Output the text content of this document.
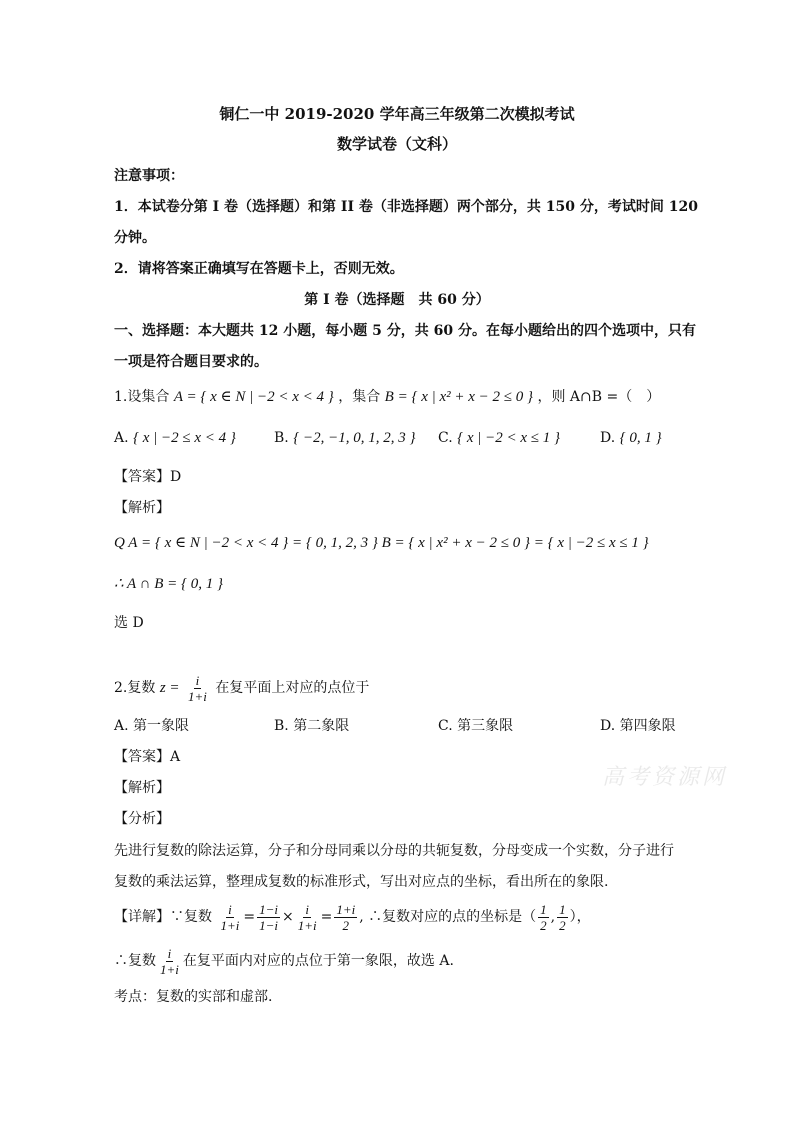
铜仁一中 2019-2020 学年高三年级第二次模拟考试
数学试卷（文科）
注意事项：
1．本试卷分第 I 卷（选择题）和第 II 卷（非选择题）两个部分，共 150 分，考试时间 120
分钟。
2．请将答案正确填写在答题卡上，否则无效。
第 I 卷（选择题　共 60 分）
一、选择题：本大题共 12 小题，每小题 5 分，共 60 分。在每小题给出的四个选项中，只有
一项是符合题目要求的。
1.设集合 A = { x ∈ N | −2 < x < 4 } ，集合 B = { x | x² + x − 2 ≤ 0 } ，则 A∩B =（　）
A. { x | −2 ≤ x < 4 }	B. { −2, −1, 0, 1, 2, 3 } C. { x | −2 < x ≤ 1 }	D. { 0, 1 }
【答案】D
【解析】
Q A = { x ∈ N | −2 < x < 4 } = { 0, 1, 2, 3 } B = { x | x² + x − 2 ≤ 0 } = { x | −2 ≤ x ≤ 1 }
∴ A ∩ B = { 0, 1 }
选 D
2.复数 $z = \frac{i}{1+i}$ 在复平面上对应的点位于
A. 第一象限	B. 第二象限	C. 第三象限	D. 第四象限
【答案】A
【解析】
【分析】
先进行复数的除法运算，分子和分母同乘以分母的共轭复数，分母变成一个实数，分子进行
复数的乘法运算，整理成复数的标准形式，写出对应点的坐标，看出所在的象限.
【详解】∵复数 $\frac{i}{1+i} = \frac{1-i}{1-i} \times \frac{i}{1+i} = \frac{1+i}{2}$ , ∴复数对应的点的坐标是（ $\frac{1}{2}$ , $\frac{1}{2}$ ），
∴复数 $\frac{i}{1+i}$ 在复平面内对应的点位于第一象限，故选 A.
考点：复数的实部和虚部.
高考资源网
